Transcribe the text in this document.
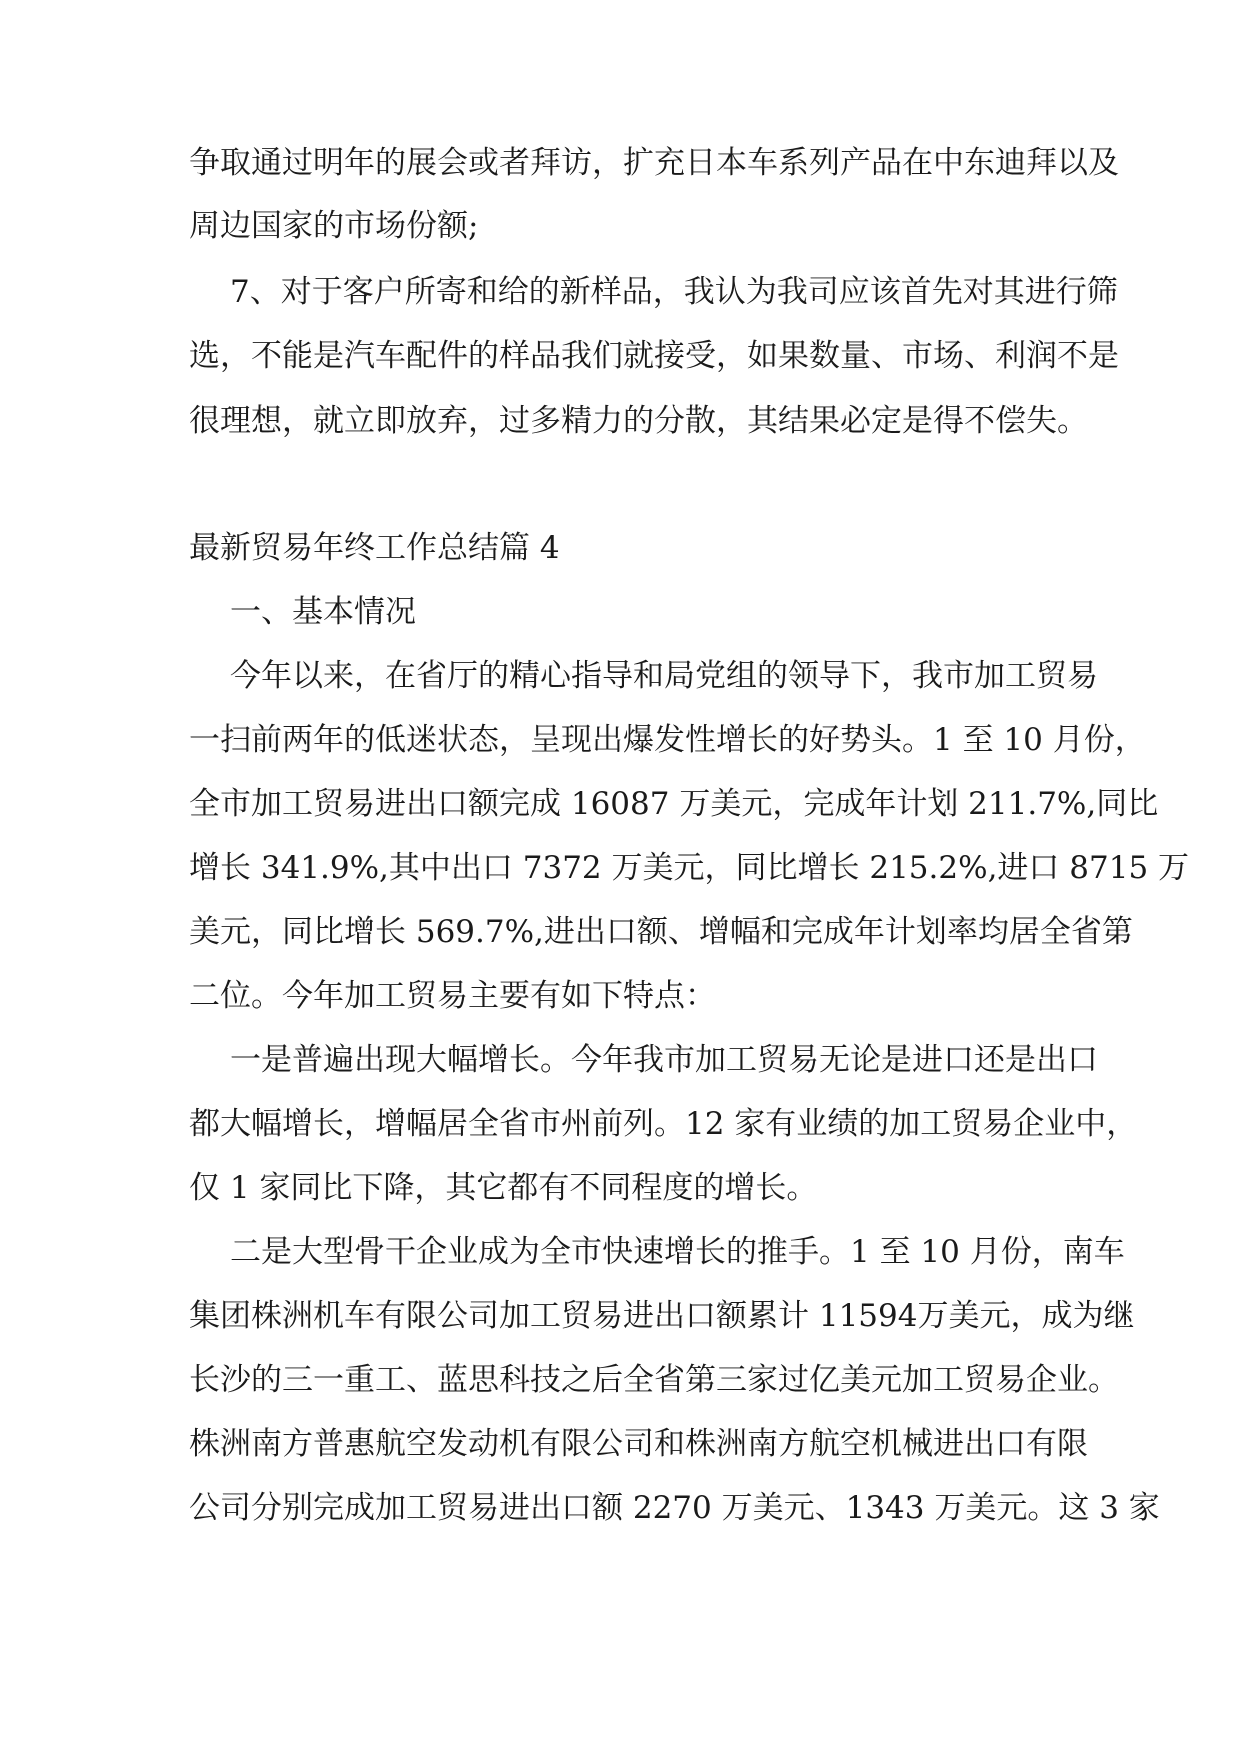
争取通过明年的展会或者拜访，扩充日本车系列产品在中东迪拜以及
周边国家的市场份额;
7、对于客户所寄和给的新样品，我认为我司应该首先对其进行筛
选，不能是汽车配件的样品我们就接受，如果数量、市场、利润不是
很理想，就立即放弃，过多精力的分散，其结果必定是得不偿失。
最新贸易年终工作总结篇 4
一、基本情况
今年以来，在省厅的精心指导和局党组的领导下，我市加工贸易
一扫前两年的低迷状态，呈现出爆发性增长的好势头。1 至 10 月份，
全市加工贸易进出口额完成 16087 万美元，完成年计划 211.7%,同比
增长 341.9%,其中出口 7372 万美元，同比增长 215.2%,进口 8715 万
美元，同比增长 569.7%,进出口额、增幅和完成年计划率均居全省第
二位。今年加工贸易主要有如下特点：
一是普遍出现大幅增长。今年我市加工贸易无论是进口还是出口
都大幅增长，增幅居全省市州前列。12 家有业绩的加工贸易企业中，
仅 1 家同比下降，其它都有不同程度的增长。
二是大型骨干企业成为全市快速增长的推手。1 至 10 月份，南车
集团株洲机车有限公司加工贸易进出口额累计 11594万美元，成为继
长沙的三一重工、蓝思科技之后全省第三家过亿美元加工贸易企业。
株洲南方普惠航空发动机有限公司和株洲南方航空机械进出口有限
公司分别完成加工贸易进出口额 2270 万美元、1343 万美元。这 3 家
